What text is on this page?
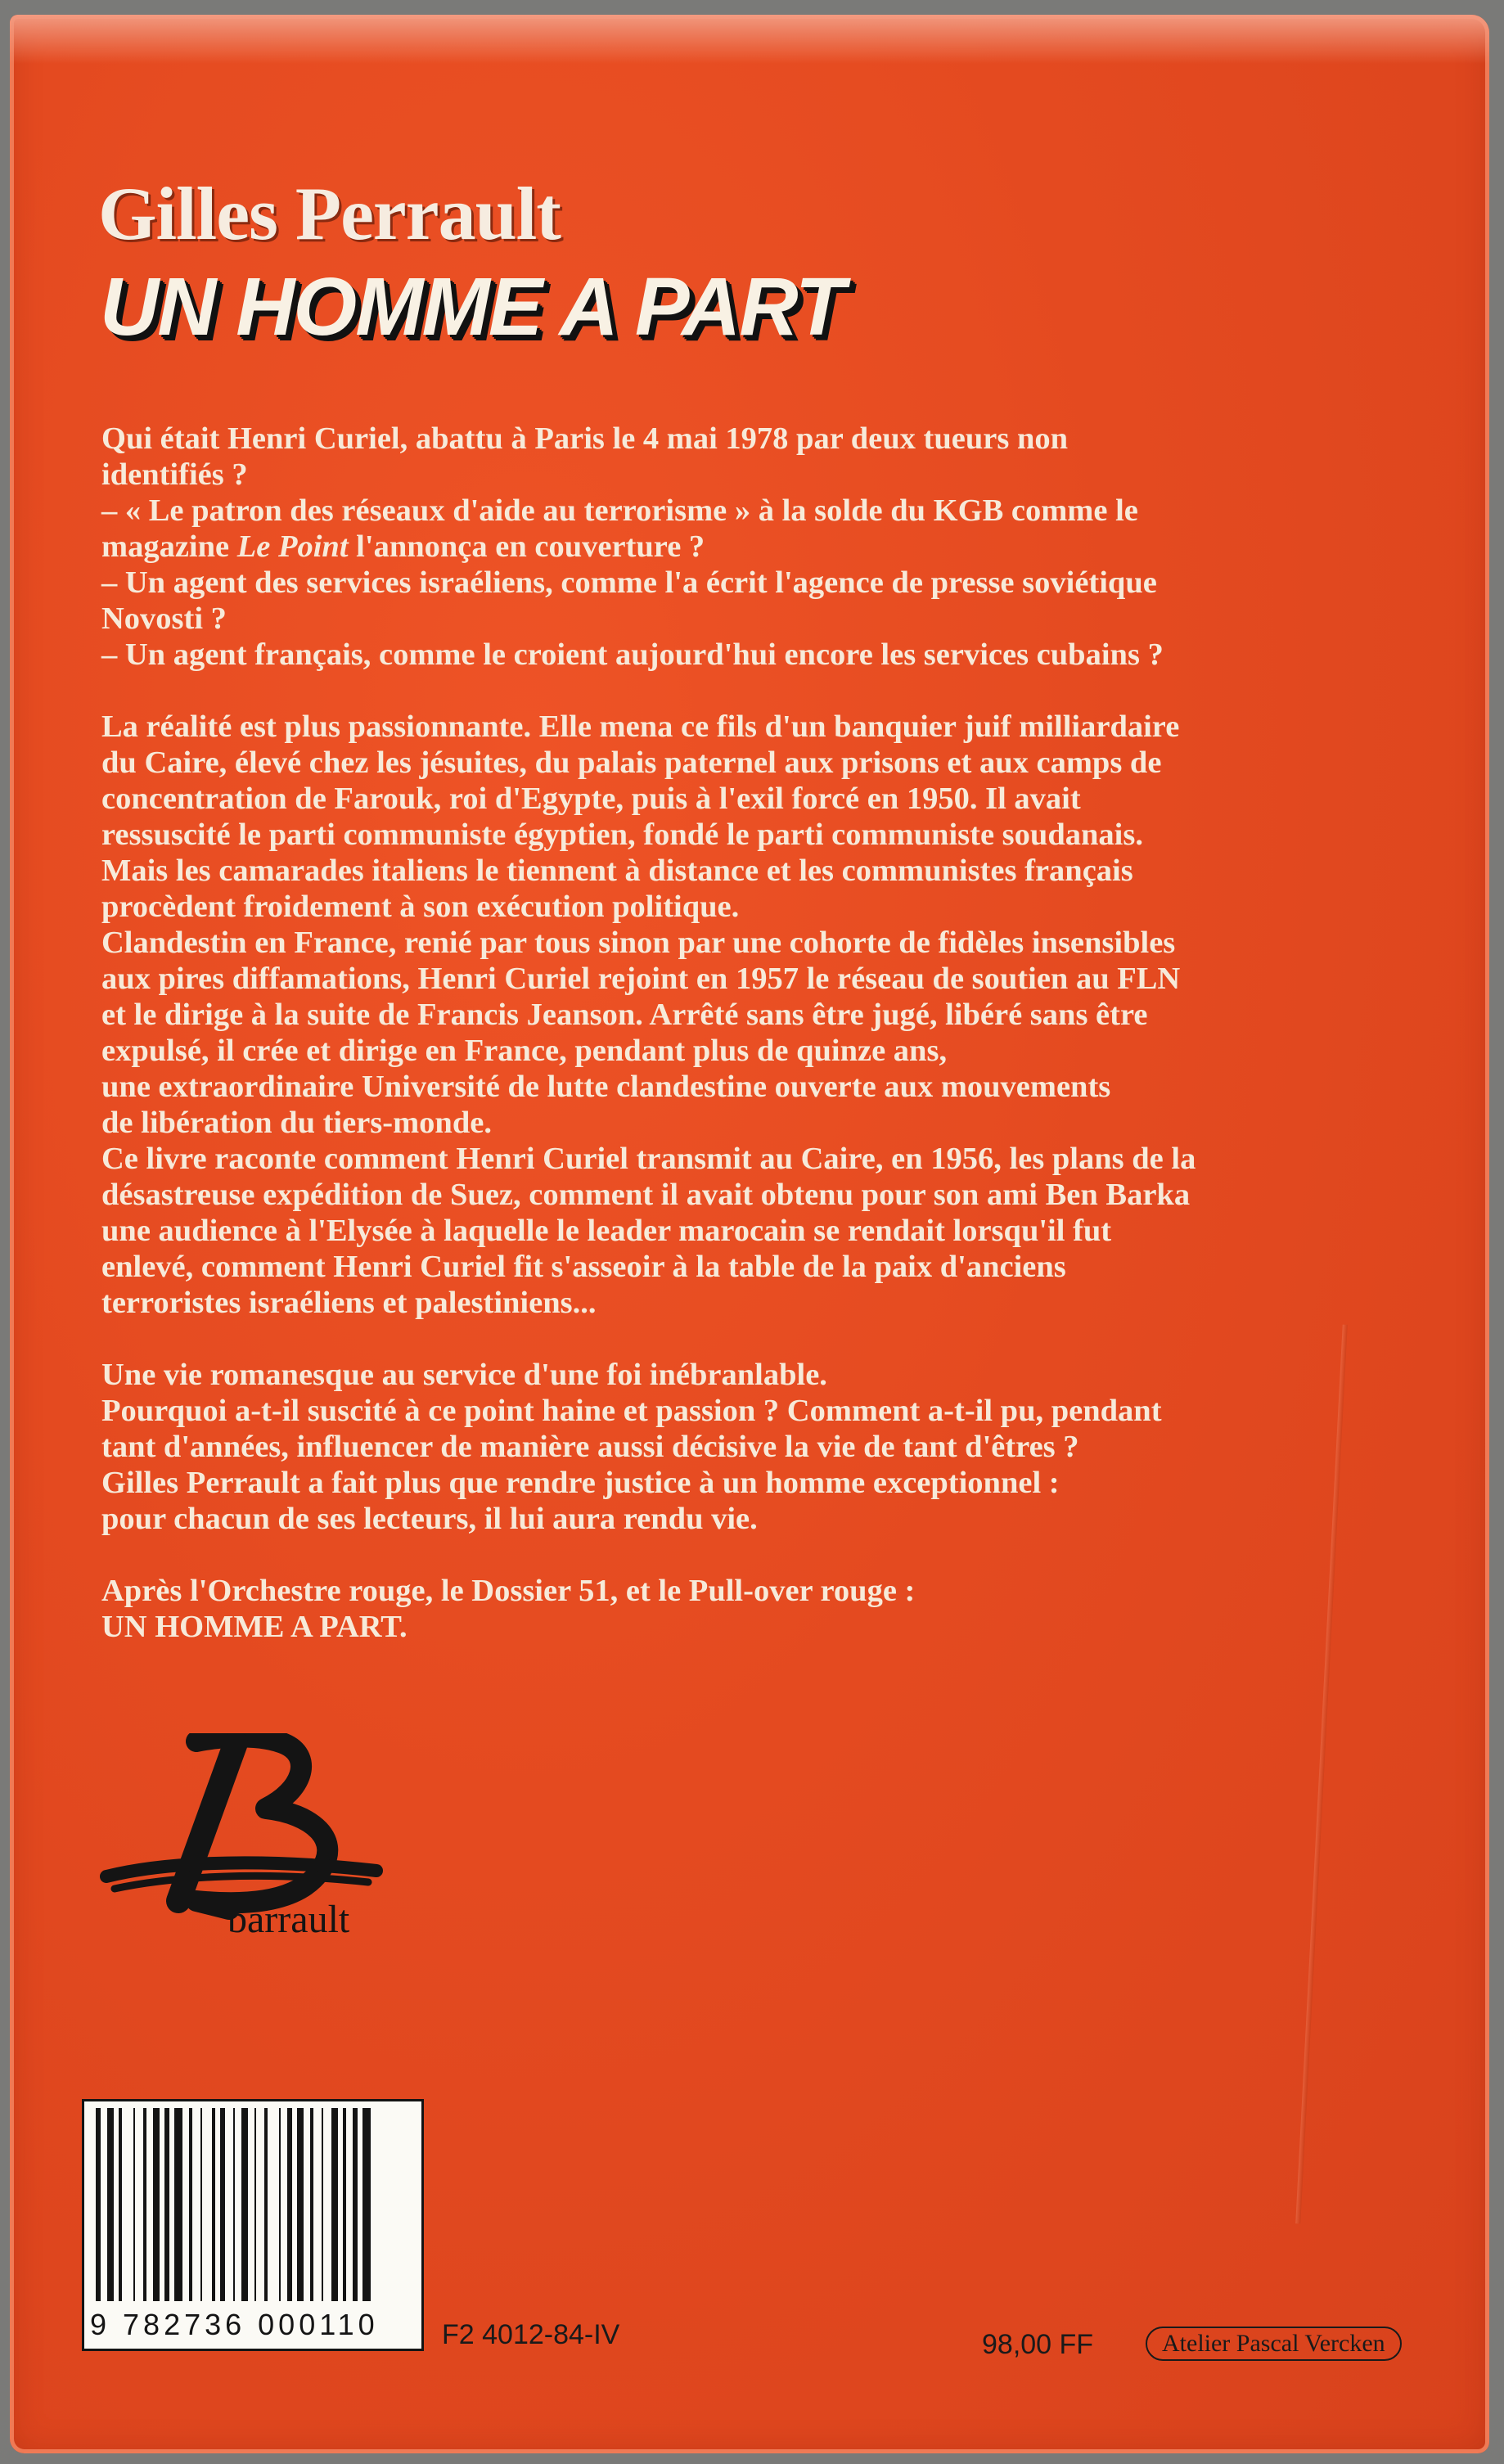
Gilles Perrault
UN HOMME A PART
Qui était Henri Curiel, abattu à Paris le 4 mai 1978 par deux tueurs non
identifiés ?
– « Le patron des réseaux d'aide au terrorisme » à la solde du KGB comme le
magazine Le Point l'annonça en couverture ?
– Un agent des services israéliens, comme l'a écrit l'agence de presse soviétique
Novosti ?
– Un agent français, comme le croient aujourd'hui encore les services cubains ?
La réalité est plus passionnante. Elle mena ce fils d'un banquier juif milliardaire
du Caire, élevé chez les jésuites, du palais paternel aux prisons et aux camps de
concentration de Farouk, roi d'Egypte, puis à l'exil forcé en 1950. Il avait
ressuscité le parti communiste égyptien, fondé le parti communiste soudanais.
Mais les camarades italiens le tiennent à distance et les communistes français
procèdent froidement à son exécution politique.
Clandestin en France, renié par tous sinon par une cohorte de fidèles insensibles
aux pires diffamations, Henri Curiel rejoint en 1957 le réseau de soutien au FLN
et le dirige à la suite de Francis Jeanson. Arrêté sans être jugé, libéré sans être
expulsé, il crée et dirige en France, pendant plus de quinze ans,
une extraordinaire Université de lutte clandestine ouverte aux mouvements
de libération du tiers-monde.
Ce livre raconte comment Henri Curiel transmit au Caire, en 1956, les plans de la
désastreuse expédition de Suez, comment il avait obtenu pour son ami Ben Barka
une audience à l'Elysée à laquelle le leader marocain se rendait lorsqu'il fut
enlevé, comment Henri Curiel fit s'asseoir à la table de la paix d'anciens
terroristes israéliens et palestiniens...
Une vie romanesque au service d'une foi inébranlable.
Pourquoi a-t-il suscité à ce point haine et passion ? Comment a-t-il pu, pendant
tant d'années, influencer de manière aussi décisive la vie de tant d'êtres ?
Gilles Perrault a fait plus que rendre justice à un homme exceptionnel :
pour chacun de ses lecteurs, il lui aura rendu vie.
Après l'Orchestre rouge, le Dossier 51, et le Pull-over rouge :
UN HOMME A PART.
barrault
9 782736 000110	F2 4012-84-IV	98,00 FF	Atelier Pascal Vercken
